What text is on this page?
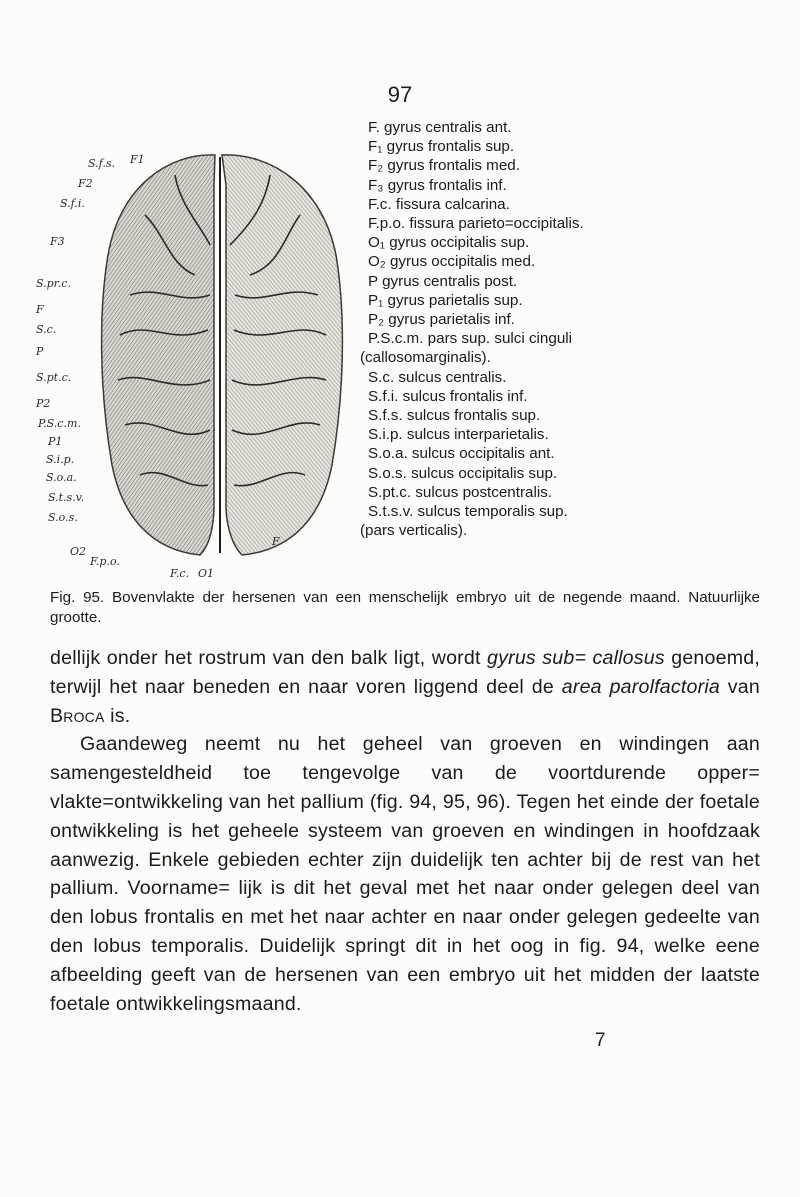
97
S.f.s. F1
F2
S.f.i.
F3
S.pr.c.
F
S.c.
P
S.pt.c.
P2
P.S.c.m.
P1
S.i.p.
S.o.a.
S.t.s.v.
S.o.s.
O2
F.p.o.
F.c. O1
F
F. gyrus centralis ant.
F₁ gyrus frontalis sup.
F₂ gyrus frontalis med.
F₃ gyrus frontalis inf.
F.c. fissura calcarina.
F.p.o. fissura parieto=occipitalis.
O₁ gyrus occipitalis sup.
O₂ gyrus occipitalis med.
P gyrus centralis post.
P₁ gyrus parietalis sup.
P₂ gyrus parietalis inf.
P.S.c.m. pars sup. sulci cinguli
(callosomarginalis).
S.c. sulcus centralis.
S.f.i. sulcus frontalis inf.
S.f.s. sulcus frontalis sup.
S.i.p. sulcus interparietalis.
S.o.a. sulcus occipitalis ant.
S.o.s. sulcus occipitalis sup.
S.pt.c. sulcus postcentralis.
S.t.s.v. sulcus temporalis sup.
(pars verticalis).
Fig. 95. Bovenvlakte der hersenen van een menschelijk embryo uit de negende maand. Natuurlijke grootte.

dellijk onder het rostrum van den balk ligt, wordt gyrus sub= callosus genoemd, terwijl het naar beneden en naar voren liggend deel de area parolfactoria van Broca is.

Gaandeweg neemt nu het geheel van groeven en windingen aan samengesteldheid toe tengevolge van de voortdurende opper= vlakte=ontwikkeling van het pallium (fig. 94, 95, 96). Tegen het einde der foetale ontwikkeling is het geheele systeem van groeven en windingen in hoofdzaak aanwezig. Enkele gebieden echter zijn duidelijk ten achter bij de rest van het pallium. Voorname= lijk is dit het geval met het naar onder gelegen deel van den lobus frontalis en met het naar achter en naar onder gelegen gedeelte van den lobus temporalis. Duidelijk springt dit in het oog in fig. 94, welke eene afbeelding geeft van de hersenen van een embryo uit het midden der laatste foetale ontwikkelingsmaand.

7
